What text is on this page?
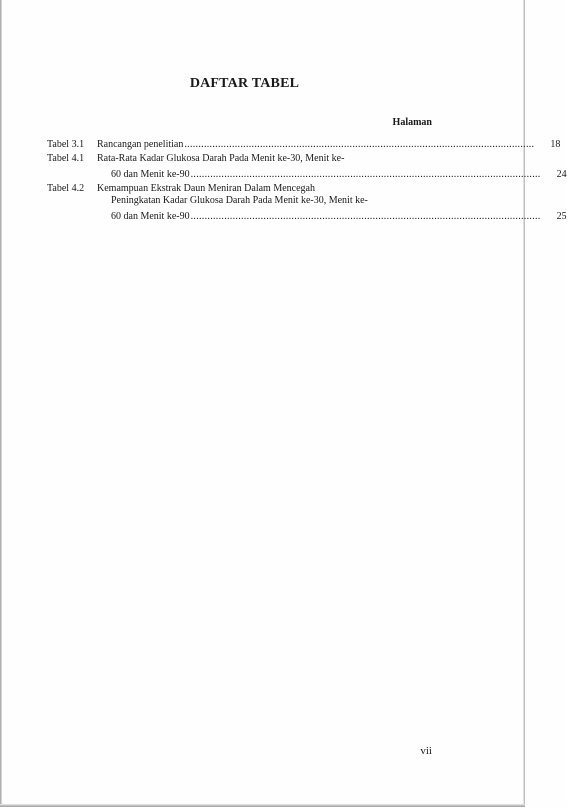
DAFTAR TABEL
Halaman
Tabel 3.1	Rancangan penelitian .............................................................................................................................	18
Tabel 4.1	Rata-Rata Kadar Glukosa Darah Pada Menit ke-30, Menit ke-
60 dan Menit ke-90 .............................................................................................................................	24
Tabel 4.2	Kemampuan Ekstrak Daun Meniran Dalam Mencegah
Peningkatan Kadar Glukosa Darah Pada Menit ke-30, Menit ke-
60 dan Menit ke-90 .............................................................................................................................	25
vii
